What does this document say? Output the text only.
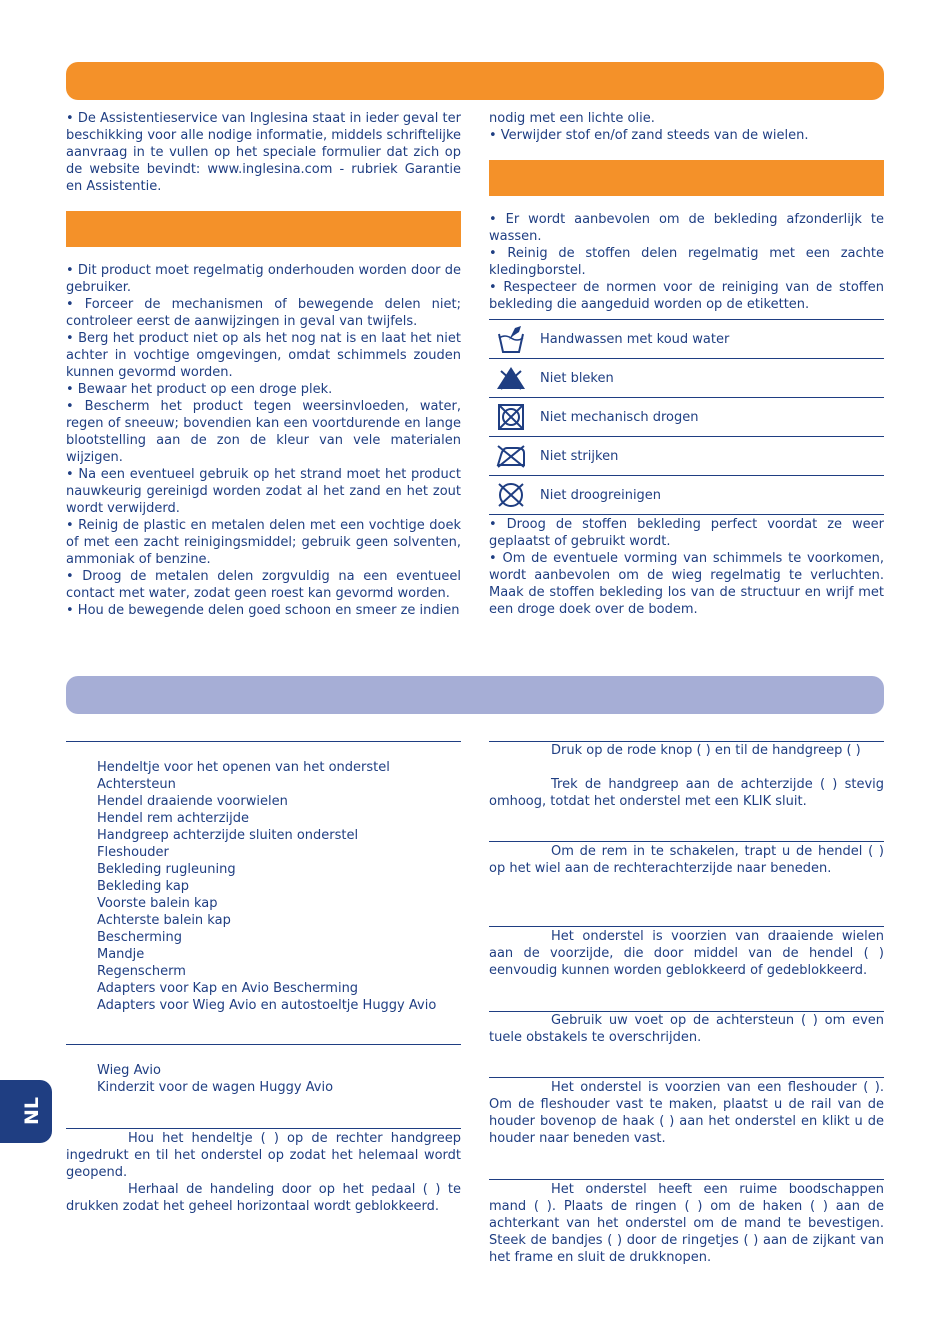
• De Assistentieservice van Inglesina staat in ieder geval ter beschikking voor alle nodige informatie, middels schriftelijke aanvraag in te vullen op het speciale formulier dat zich op de website bevindt: www.inglesina.com - rubriek Garantie en Assistentie.

• Dit product moet regelmatig onderhouden worden door de gebruiker.

• Forceer de mechanismen of bewegende delen niet; controleer eerst de aanwijzingen in geval van twijfels.

• Berg het product niet op als het nog nat is en laat het niet achter in vochtige omgevingen, omdat schimmels zouden kunnen gevormd worden.

• Bewaar het product op een droge plek.

• Bescherm het product tegen weersinvloeden, water, regen of sneeuw; bovendien kan een voortdurende en lange blootstelling aan de zon de kleur van vele materialen wijzigen.

• Na een eventueel gebruik op het strand moet het product nauwkeurig gereinigd worden zodat al het zand en het zout wordt verwijderd.

• Reinig de plastic en metalen delen met een vochtige doek of met een zacht reinigingsmiddel; gebruik geen solventen, ammoniak of benzine.

• Droog de metalen delen zorgvuldig na een eventueel contact met water, zodat geen roest kan gevormd worden.

• Hou de bewegende delen goed schoon en smeer ze indien

nodig met een lichte olie.

• Verwijder stof en/of zand steeds van de wielen.

• Er wordt aanbevolen om de bekleding afzonderlijk te wassen.

• Reinig de stoffen delen regelmatig met een zachte kledingborstel.

• Respecteer de normen voor de reiniging van de stoffen bekleding die aangeduid worden op de etiketten.

Handwassen met koud water
Niet bleken
Niet mechanisch drogen
Niet strijken
Niet droogreinigen

• Droog de stoffen bekleding perfect voordat ze weer geplaatst of gebruikt wordt.

• Om de eventuele vorming van schimmels te voorkomen, wordt aanbevolen om de wieg regelmatig te verluchten. Maak de stoffen bekleding los van de structuur en wrijf met een droge doek over de bodem.

Hendeltje voor het openen van het onderstel
Achtersteun
Hendel draaiende voorwielen
Hendel rem achterzijde
Handgreep achterzijde sluiten onderstel
Fleshouder
Bekleding rugleuning
Bekleding kap
Voorste balein kap
Achterste balein kap
Bescherming
Mandje
Regenscherm
Adapters voor Kap en Avio Bescherming
Adapters voor Wieg Avio en autostoeltje Huggy Avio
Wieg Avio
Kinderzit voor de wagen Huggy Avio

Hou het hendeltje ( ) op de rechter handgreep ingedrukt en til het onderstel op zodat het helemaal wordt geopend.

Herhaal de handeling door op het pedaal ( ) te drukken zodat het geheel horizontaal wordt geblokkeerd.

Druk op de rode knop ( ) en til de handgreep ( )

Trek de handgreep aan de achterzijde ( ) stevig omhoog, totdat het onderstel met een KLIK sluit.

Om de rem in te schakelen, trapt u de hendel ( ) op het wiel aan de rechterachterzijde naar beneden.

Het onderstel is voorzien van draaiende wielen aan de voorzijde, die door middel van de hendel ( ) eenvoudig kunnen worden geblokkeerd of gedeblokkeerd.

Gebruik uw voet op de achtersteun ( ) om even tuele obstakels te overschrijden.

Het onderstel is voorzien van een fleshouder ( ). Om de fleshouder vast te maken, plaatst u de rail van de houder bovenop de haak ( ) aan het onderstel en klikt u de houder naar beneden vast.

Het onderstel heeft een ruime boodschappen mand ( ). Plaats de ringen ( ) om de haken ( ) aan de achterkant van het onderstel om de mand te bevestigen. Steek de bandjes ( ) door de ringetjes ( ) aan de zijkant van het frame en sluit de drukknopen.

NL
